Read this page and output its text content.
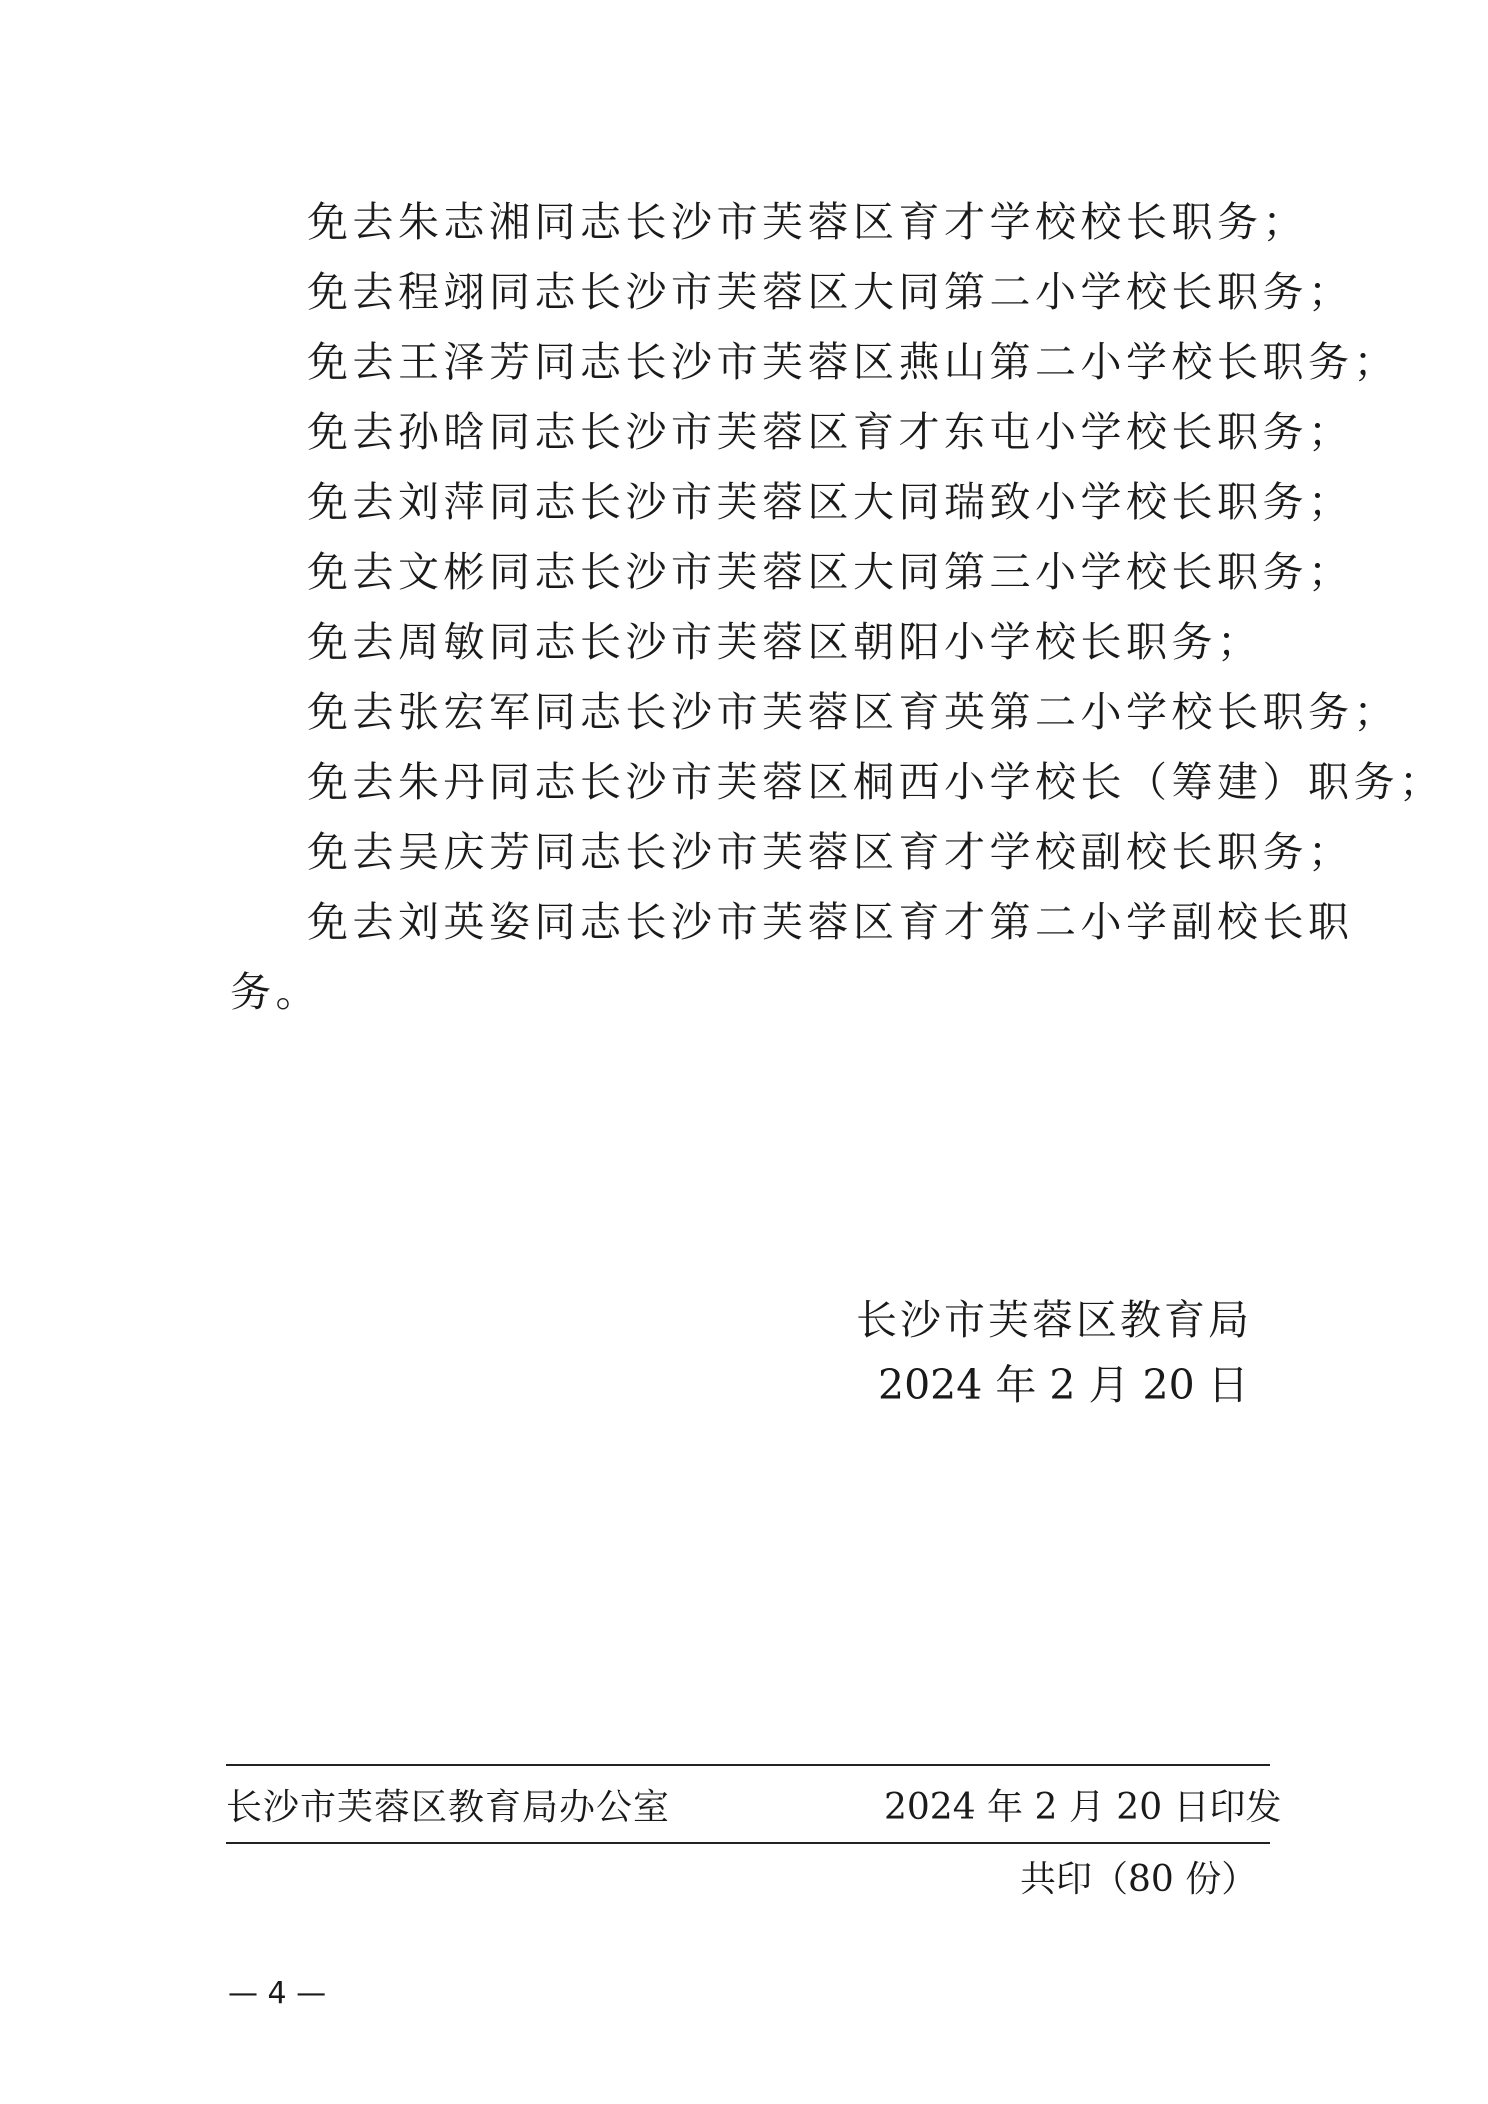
免去朱志湘同志长沙市芙蓉区育才学校校长职务；
免去程翊同志长沙市芙蓉区大同第二小学校长职务；
免去王泽芳同志长沙市芙蓉区燕山第二小学校长职务；
免去孙晗同志长沙市芙蓉区育才东屯小学校长职务；
免去刘萍同志长沙市芙蓉区大同瑞致小学校长职务；
免去文彬同志长沙市芙蓉区大同第三小学校长职务；
免去周敏同志长沙市芙蓉区朝阳小学校长职务；
免去张宏军同志长沙市芙蓉区育英第二小学校长职务；
免去朱丹同志长沙市芙蓉区桐西小学校长（筹建）职务；
免去吴庆芳同志长沙市芙蓉区育才学校副校长职务；
免去刘英姿同志长沙市芙蓉区育才第二小学副校长职
务。
长沙市芙蓉区教育局
2024 年 2 月 20 日
长沙市芙蓉区教育局办公室	2024 年 2 月 20 日印发
共印（80 份）
— 4 —
